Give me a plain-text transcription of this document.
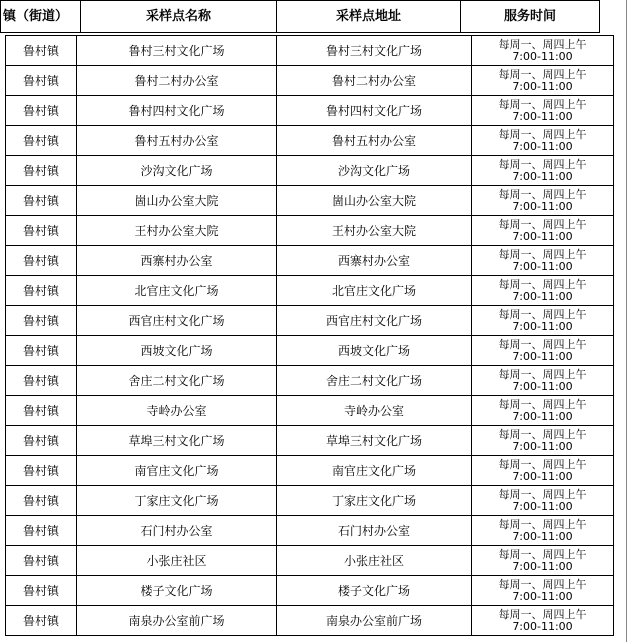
镇（街道）	采样点名称	采样点地址	服务时间
鲁村镇	鲁村三村文化广场	鲁村三村文化广场	每周一、周四上午
7:00-11:00

鲁村镇	鲁村二村办公室	鲁村二村办公室	每周一、周四上午
7:00-11:00

鲁村镇	鲁村四村文化广场	鲁村四村文化广场	每周一、周四上午
7:00-11:00

鲁村镇	鲁村五村办公室	鲁村五村办公室	每周一、周四上午
7:00-11:00

鲁村镇	沙沟文化广场	沙沟文化广场	每周一、周四上午
7:00-11:00

鲁村镇	崮山办公室大院	崮山办公室大院	每周一、周四上午
7:00-11:00

鲁村镇	王村办公室大院	王村办公室大院	每周一、周四上午
7:00-11:00

鲁村镇	西寨村办公室	西寨村办公室	每周一、周四上午
7:00-11:00

鲁村镇	北官庄文化广场	北官庄文化广场	每周一、周四上午
7:00-11:00

鲁村镇	西官庄村文化广场	西官庄村文化广场	每周一、周四上午
7:00-11:00

鲁村镇	西坡文化广场	西坡文化广场	每周一、周四上午
7:00-11:00

鲁村镇	舍庄二村文化广场	舍庄二村文化广场	每周一、周四上午
7:00-11:00

鲁村镇	寺岭办公室	寺岭办公室	每周一、周四上午
7:00-11:00

鲁村镇	草埠三村文化广场	草埠三村文化广场	每周一、周四上午
7:00-11:00

鲁村镇	南官庄文化广场	南官庄文化广场	每周一、周四上午
7:00-11:00

鲁村镇	丁家庄文化广场	丁家庄文化广场	每周一、周四上午
7:00-11:00

鲁村镇	石门村办公室	石门村办公室	每周一、周四上午
7:00-11:00

鲁村镇	小张庄社区	小张庄社区	每周一、周四上午
7:00-11:00

鲁村镇	楼子文化广场	楼子文化广场	每周一、周四上午
7:00-11:00

鲁村镇	南泉办公室前广场	南泉办公室前广场	每周一、周四上午
7:00-11:00
